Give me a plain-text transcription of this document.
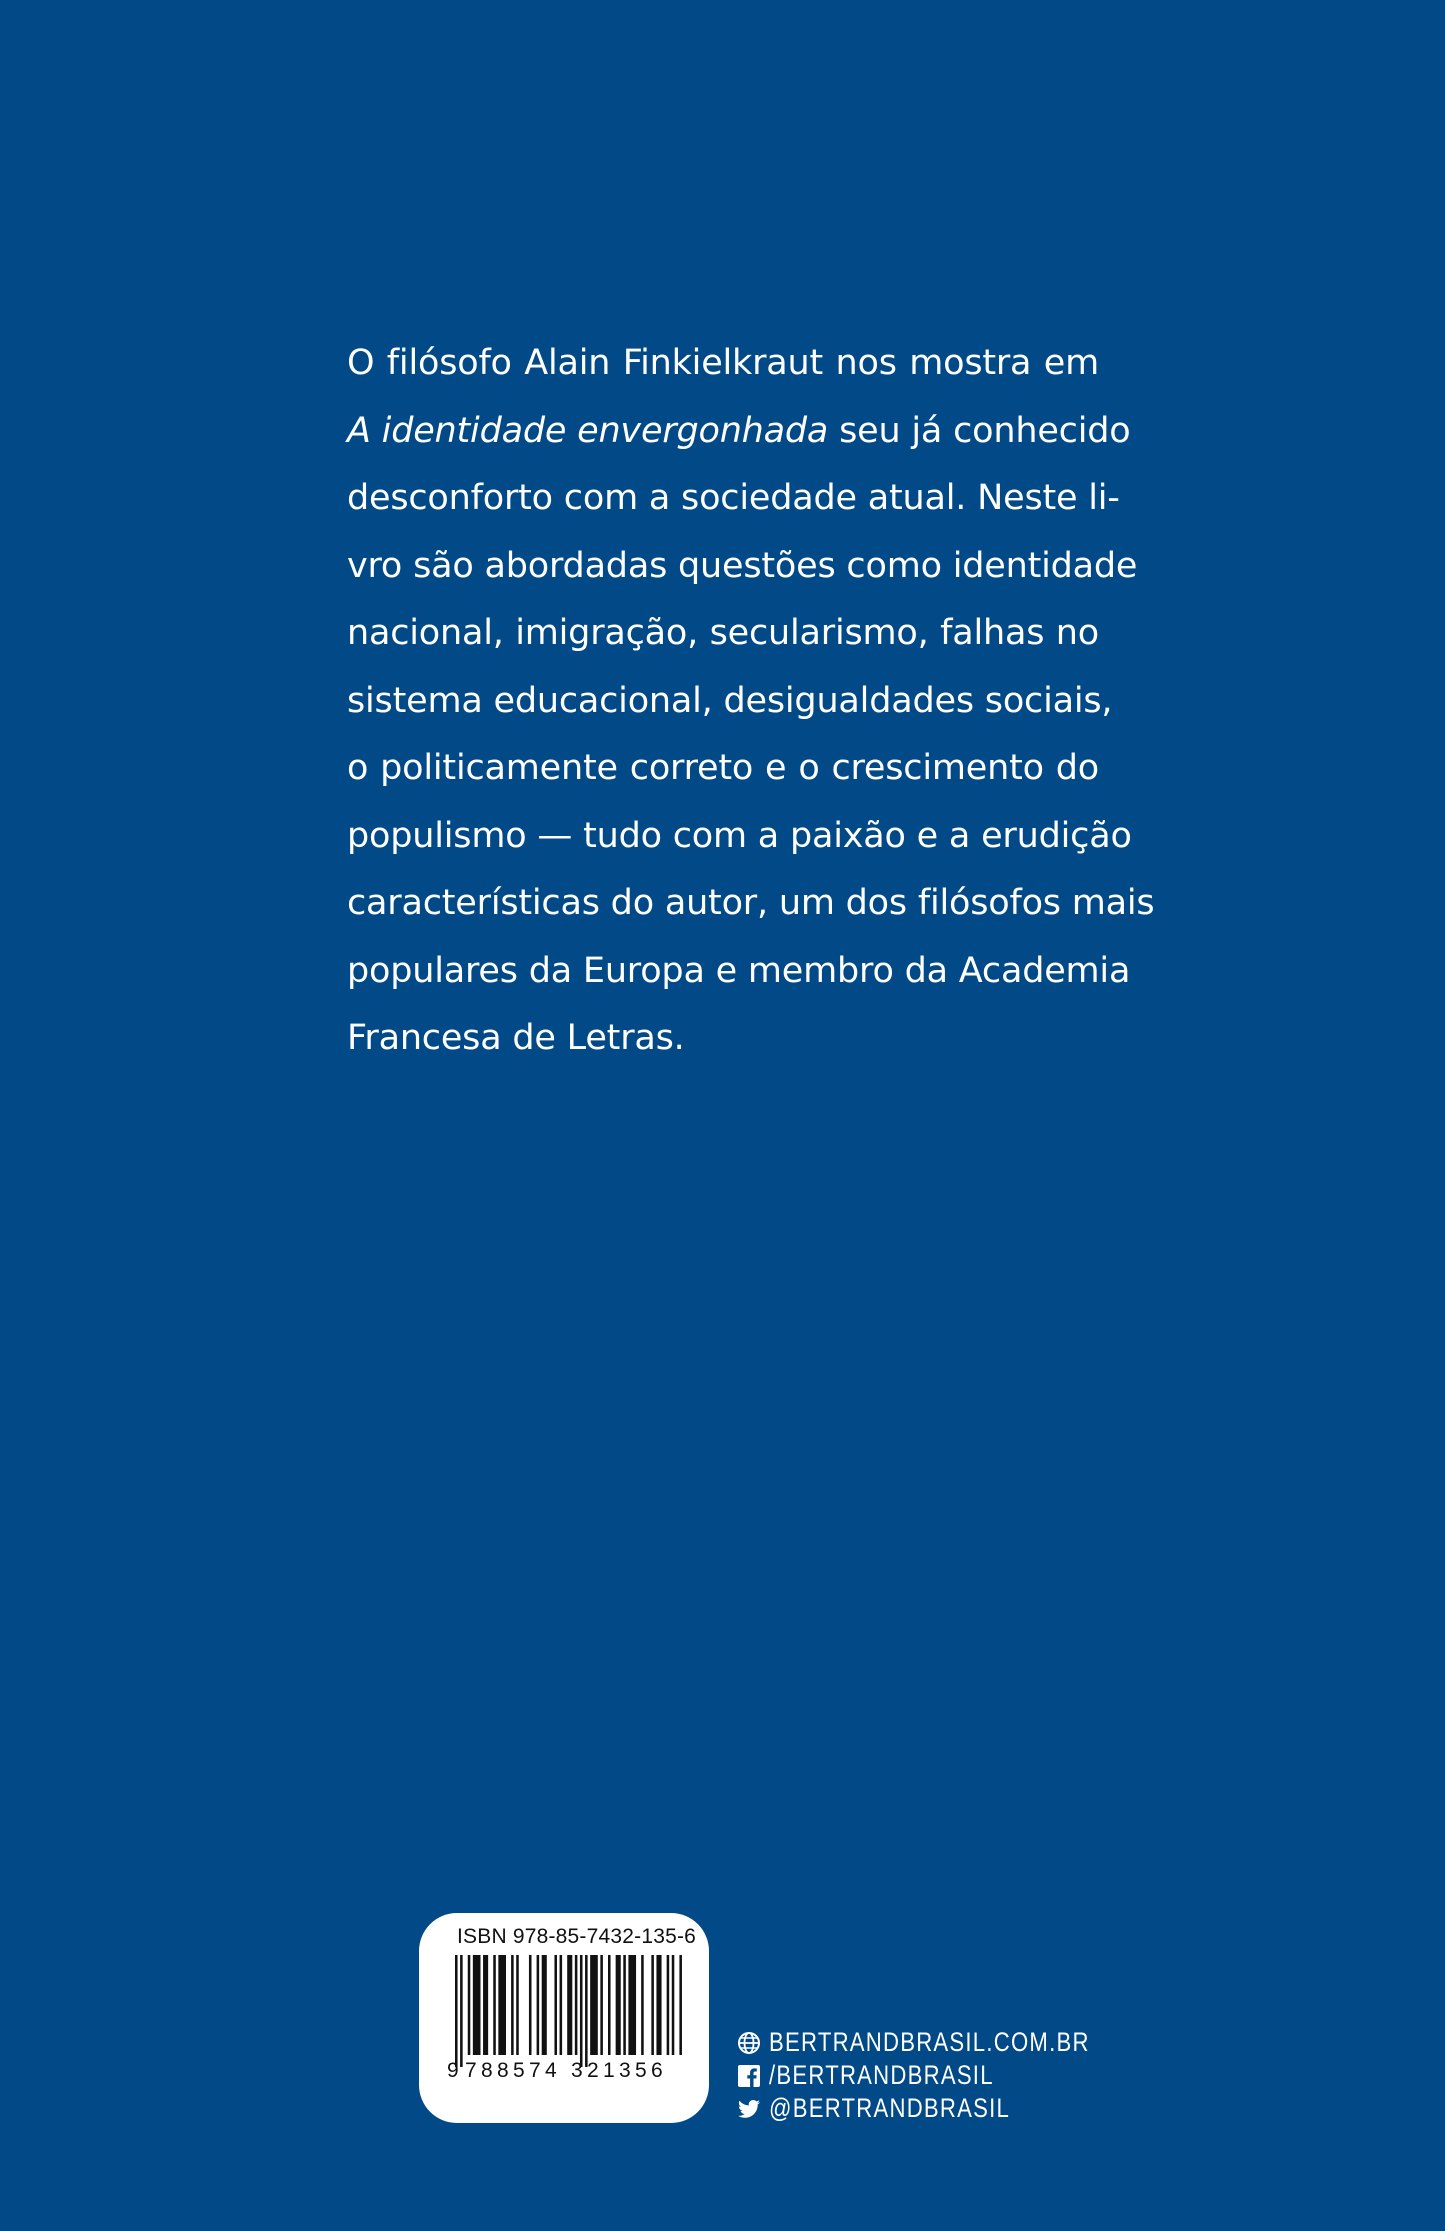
O filósofo Alain Finkielkraut nos mostra em
A identidade envergonhada seu já conhecido
desconforto com a sociedade atual. Neste li-
vro são abordadas questões como identidade
nacional, imigração, secularismo, falhas no
sistema educacional, desigualdades sociais,
o politicamente correto e o crescimento do
populismo — tudo com a paixão e a erudição
características do autor, um dos filósofos mais
populares da Europa e membro da Academia
Francesa de Letras.
ISBN 978-85-7432-135-6
9 7 8 8 5 7 4 3 2 1 3 5 6
BERTRANDBRASIL.COM.BR
/BERTRANDBRASIL
@BERTRANDBRASIL
